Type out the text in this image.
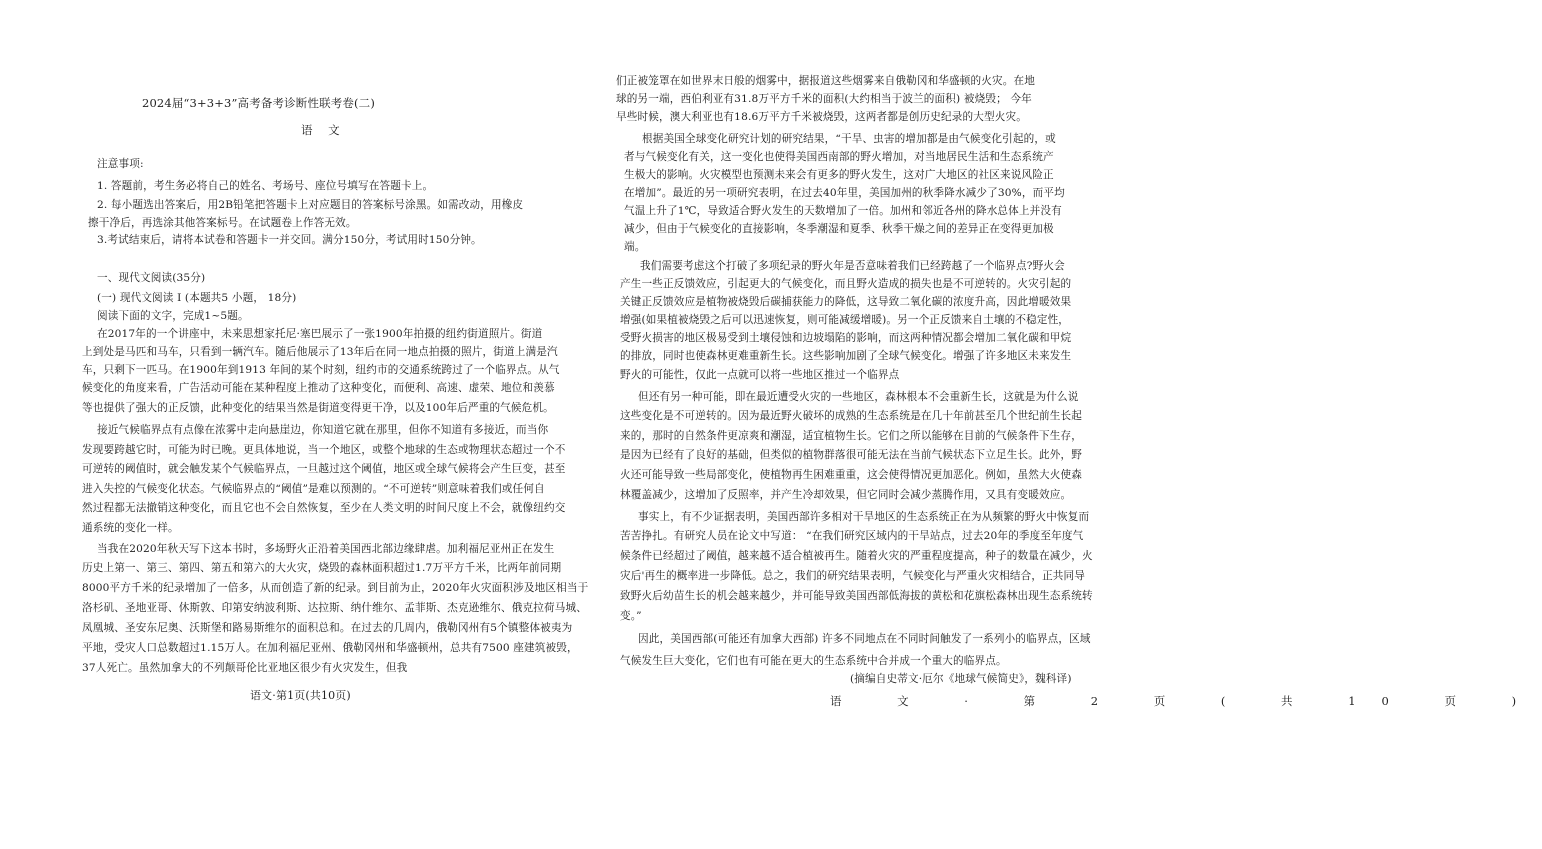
2024届“3+3+3”高考备考诊断性联考卷(二)
语 文
注意事项:
1. 答题前，考生务必将自己的姓名、考场号、座位号填写在答题卡上。
2. 每小题选出答案后，用2B铅笔把答题卡上对应题目的答案标号涂黑。如需改动，用橡皮
擦干净后，再选涂其他答案标号。在试题卷上作答无效。
3.考试结束后，请将本试卷和答题卡一并交回。满分150分，考试用时150分钟。
一、现代文阅读(35分)
(一) 现代文阅读 Ⅰ (本题共5 小题， 18分)
阅读下面的文字，完成1~5题。
在2017年的一个讲座中，未来思想家托尼·塞巴展示了一张1900年拍摄的纽约街道照片。街道
上到处是马匹和马车，只看到一辆汽车。随后他展示了13年后在同一地点拍摄的照片，街道上满是汽
车，只剩下一匹马。在1900年到1913 年间的某个时刻，纽约市的交通系统跨过了一个临界点。从气
候变化的角度来看，广告活动可能在某种程度上推动了这种变化，而便利、高速、虚荣、地位和羡慕
等也提供了强大的正反馈，此种变化的结果当然是街道变得更干净，以及100年后严重的气候危机。
接近气候临界点有点像在浓雾中走向悬崖边，你知道它就在那里，但你不知道有多接近，而当你
发现要跨越它时，可能为时已晚。更具体地说，当一个地区，或整个地球的生态或物理状态超过一个不
可逆转的阈值时，就会触发某个气候临界点，一旦越过这个阈值，地区或全球气候将会产生巨变，甚至
进入失控的气候变化状态。气候临界点的“阈值”是难以预测的。“不可逆转”则意味着我们或任何自
然过程都无法撤销这种变化，而且它也不会自然恢复，至少在人类文明的时间尺度上不会，就像纽约交
通系统的变化一样。
当我在2020年秋天写下这本书时，多场野火正沿着美国西北部边缘肆虐。加利福尼亚州正在发生
历史上第一、第三、第四、第五和第六的大火灾，烧毁的森林面积超过1.7万平方千米，比两年前同期
8000平方千米的纪录增加了一倍多，从而创造了新的纪录。到目前为止，2020年火灾面积涉及地区相当于
洛杉矶、圣地亚哥、休斯敦、印第安纳波利斯、达拉斯、纳什维尔、孟菲斯、杰克逊维尔、俄克拉荷马城、
凤凰城、圣安东尼奥、沃斯堡和路易斯维尔的面积总和。在过去的几周内，俄勒冈州有5个镇整体被夷为
平地，受灾人口总数超过1.15万人。在加利福尼亚州、俄勒冈州和华盛顿州，总共有7500 座建筑被毁，
37人死亡。虽然加拿大的不列颠哥伦比亚地区很少有火灾发生，但我
语文·第1页(共10页)
们正被笼罩在如世界末日般的烟雾中，据报道这些烟雾来自俄勒冈和华盛顿的火灾。在地
球的另一端，西伯利亚有31.8万平方千米的面积(大约相当于波兰的面积) 被烧毁； 今年
早些时候，澳大利亚也有18.6万平方千米被烧毁，这两者都是创历史纪录的大型火灾。
根据美国全球变化研究计划的研究结果，“干旱、虫害的增加都是由气候变化引起的，或
者与气候变化有关，这一变化也使得美国西南部的野火增加，对当地居民生活和生态系统产
生极大的影响。火灾模型也预测未来会有更多的野火发生，这对广大地区的社区来说风险正
在增加”。最近的另一项研究表明，在过去40年里，美国加州的秋季降水减少了30%，而平均
气温上升了1℃，导致适合野火发生的天数增加了一倍。加州和邻近各州的降水总体上并没有
减少，但由于气候变化的直接影响，冬季潮湿和夏季、秋季干燥之间的差异正在变得更加极
端。
我们需要考虑这个打破了多项纪录的野火年是否意味着我们已经跨越了一个临界点?野火会
产生一些正反馈效应，引起更大的气候变化，而且野火造成的损失也是不可逆转的。火灾引起的
关键正反馈效应是植物被烧毁后碳捕获能力的降低，这导致二氧化碳的浓度升高，因此增暖效果
增强(如果植被烧毁之后可以迅速恢复，则可能减缓增暖)。另一个正反馈来自土壤的不稳定性，
受野火损害的地区极易受到土壤侵蚀和边坡塌陷的影响，而这两种情况都会增加二氧化碳和甲烷
的排放，同时也使森林更难重新生长。这些影响加剧了全球气候变化。增强了许多地区未来发生
野火的可能性，仅此一点就可以将一些地区推过一个临界点
但还有另一种可能，即在最近遭受火灾的一些地区，森林根本不会重新生长，这就是为什么说
这些变化是不可逆转的。因为最近野火破坏的成熟的生态系统是在几十年前甚至几个世纪前生长起
来的，那时的自然条件更凉爽和潮湿，适宜植物生长。它们之所以能够在目前的气候条件下生存，
是因为已经有了良好的基础，但类似的植物群落很可能无法在当前气候状态下立足生长。此外，野
火还可能导致一些局部变化，使植物再生困难重重，这会使得情况更加恶化。例如，虽然大火使森
林覆盖减少，这增加了反照率，并产生冷却效果，但它同时会减少蒸腾作用，又具有变暖效应。
事实上，有不少证据表明，美国西部许多相对干旱地区的生态系统正在为从频繁的野火中恢复而
苦苦挣扎。有研究人员在论文中写道： “在我们研究区域内的干旱站点，过去20年的季度至年度气
候条件已经超过了阈值，越来越不适合植被再生。随着火灾的严重程度提高，种子的数量在减少，火
灾后'再生的概率进一步降低。总之，我们的研究结果表明，气候变化与严重火灾相结合，正共同导
致野火后幼苗生长的机会越来越少，并可能导致美国西部低海拔的黄松和花旗松森林出现生态系统转
变。”
因此，美国西部(可能还有加拿大西部) 许多不同地点在不同时间触发了一系列小的临界点，区域
气候发生巨大变化，它们也有可能在更大的生态系统中合并成一个重大的临界点。
(摘编自史蒂文·厄尔《地球气候简史》，魏科译)
语 文 · 第 2 页 ( 共 10 页 )
